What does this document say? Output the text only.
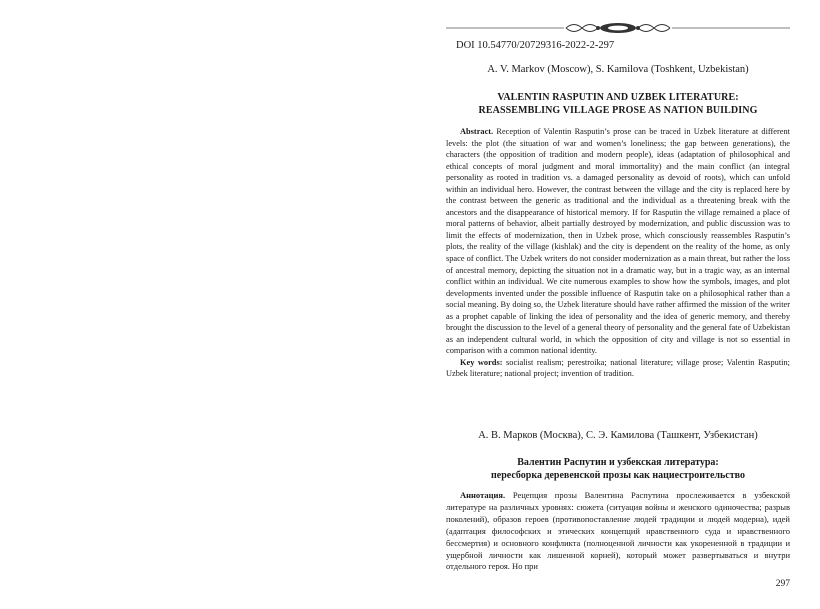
DOI 10.54770/20729316-2022-2-297
A. V. Markov (Moscow), S. Kamilova (Toshkent, Uzbekistan)
VALENTIN RASPUTIN AND UZBEK LITERATURE:
REASSEMBLING VILLAGE PROSE AS NATION BUILDING

Abstract. Reception of Valentin Rasputin’s prose can be traced in Uzbek literature at different levels: the plot (the situation of war and women’s loneliness; the gap between generations), the characters (the opposition of tradition and modern people), ideas (adaptation of philosophical and ethical concepts of moral judgment and moral immortality) and the main conflict (an integral personality as rooted in tradition vs. a damaged personality as devoid of roots), which can unfold within an individual hero. However, the contrast between the village and the city is replaced here by the contrast between the generic as traditional and the individual as a threatening break with the ancestors and the disappearance of historical memory. If for Rasputin the village remained a place of moral patterns of behavior, albeit partially destroyed by modernization, and public discussion was to limit the effects of modernization, then in Uzbek prose, which consciously reassembles Rasputin’s plots, the reality of the village (kishlak) and the city is dependent on the reality of the home, as only space of conflict. The Uzbek writers do not consider modernization as a main threat, but rather the loss of ancestral memory, depicting the situation not in a dramatic way, but in a tragic way, as an internal conflict within an individual. We cite numerous examples to show how the symbols, images, and plot developments invented under the possible influence of Rasputin take on a philosophical rather than a social meaning. By doing so, the Uzbek literature should have rather affirmed the mission of the writer as a prophet capable of linking the idea of personality and the idea of generic memory, and thereby brought the discussion to the level of a general theory of personality and the general fate of Uzbekistan as an independent cultural world, in which the opposition of city and village is not so essential in comparison with a common national identity.

Key words: socialist realism; perestroika; national literature; village prose; Valentin Rasputin; Uzbek literature; national project; invention of tradition.

А. В. Марков (Москва), С. Э. Камилова (Ташкент, Узбекистан)
Валентин Распутин и узбекская литература:
пересборка деревенской прозы как нациестроительство

Аннотация. Рецепция прозы Валентина Распутина прослеживается в узбекской литературе на различных уровнях: сюжета (ситуация войны и женского одиночества; разрыв поколений), образов героев (противопоставление людей традиции и людей модерна), идей (адаптация философских и этических концепций нравственного суда и нравственного бессмертия) и основного конфликта (полноценной личности как укорененной в традиции и ущербной личности как лишенной корней), который может развертываться и внутри отдельного героя. Но при

297
